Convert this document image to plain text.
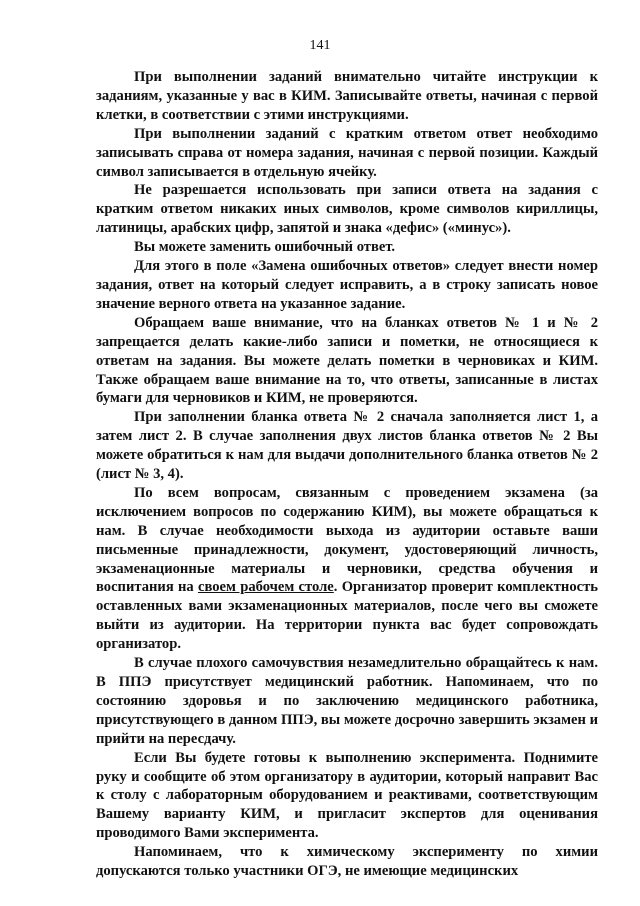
141

При выполнении заданий внимательно читайте инструкции к заданиям, указанные у вас в КИМ. Записывайте ответы, начиная с первой клетки, в соответствии с этими инструкциями.

При выполнении заданий с кратким ответом ответ необходимо записывать справа от номера задания, начиная с первой позиции. Каждый символ записывается в отдельную ячейку.

Не разрешается использовать при записи ответа на задания с кратким ответом никаких иных символов, кроме символов кириллицы, латиницы, арабских цифр, запятой и знака «дефис» («минус»).

Вы можете заменить ошибочный ответ.

Для этого в поле «Замена ошибочных ответов» следует внести номер задания, ответ на который следует исправить, а в строку записать новое значение верного ответа на указанное задание.

Обращаем ваше внимание, что на бланках ответов № 1 и № 2 запрещается делать какие-либо записи и пометки, не относящиеся к ответам на задания. Вы можете делать пометки в черновиках и КИМ. Также обращаем ваше внимание на то, что ответы, записанные в листах бумаги для черновиков и КИМ, не проверяются.

При заполнении бланка ответа № 2 сначала заполняется лист 1, а затем лист 2. В случае заполнения двух листов бланка ответов № 2 Вы можете обратиться к нам для выдачи дополнительного бланка ответов № 2 (лист № 3, 4).

По всем вопросам, связанным с проведением экзамена (за исключением вопросов по содержанию КИМ), вы можете обращаться к нам. В случае необходимости выхода из аудитории оставьте ваши письменные принадлежности, документ, удостоверяющий личность, экзаменационные материалы и черновики, средства обучения и воспитания на своем рабочем столе. Организатор проверит комплектность оставленных вами экзаменационных материалов, после чего вы сможете выйти из аудитории. На территории пункта вас будет сопровождать организатор.

В случае плохого самочувствия незамедлительно обращайтесь к нам. В ППЭ присутствует медицинский работник. Напоминаем, что по состоянию здоровья и по заключению медицинского работника, присутствующего в данном ППЭ, вы можете досрочно завершить экзамен и прийти на пересдачу.

Если Вы будете готовы к выполнению эксперимента. Поднимите руку и сообщите об этом организатору в аудитории, который направит Вас к столу с лабораторным оборудованием и реактивами, соответствующим Вашему варианту КИМ, и пригласит экспертов для оценивания проводимого Вами эксперимента.

Напоминаем, что к химическому эксперименту по химии допускаются только участники ОГЭ, не имеющие медицинских
